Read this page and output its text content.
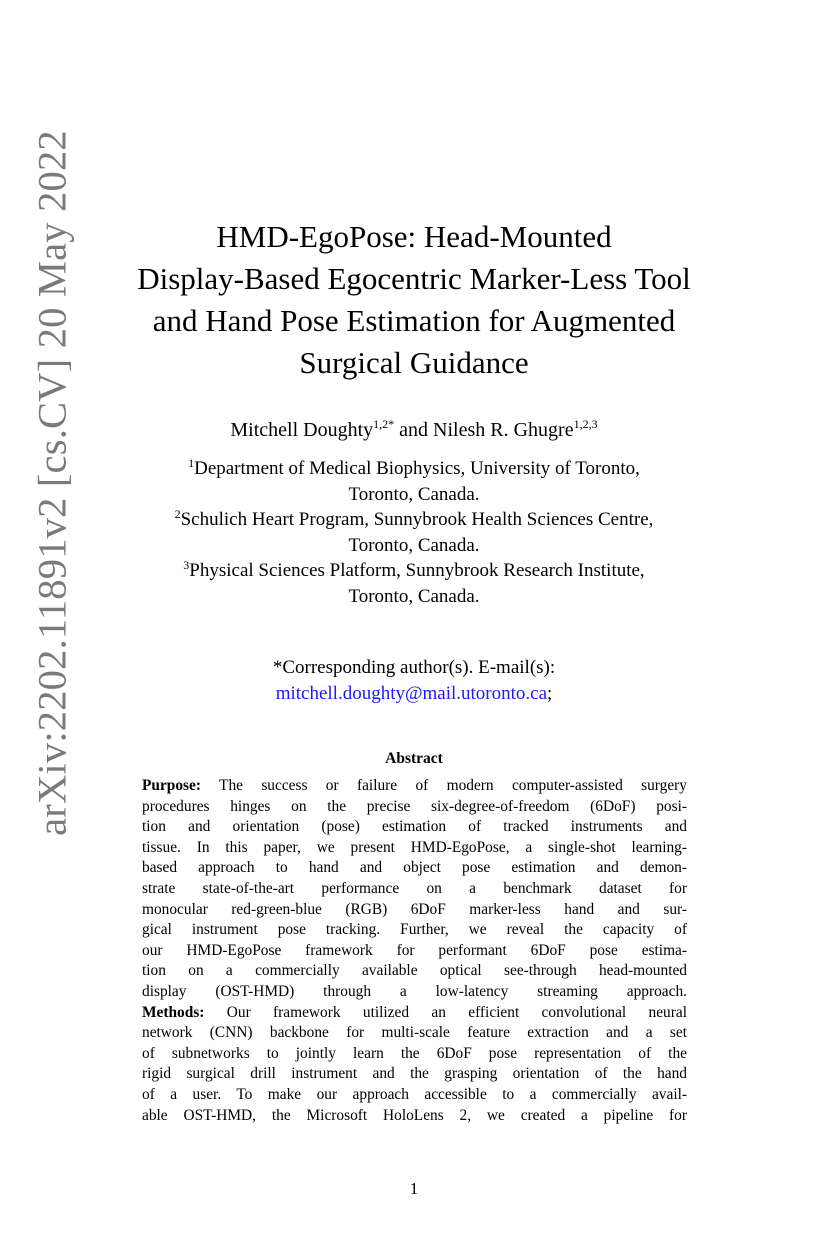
arXiv:2202.11891v2 [cs.CV] 20 May 2022	HMD-EgoPose: Head-Mounted
Display-Based Egocentric Marker-Less Tool
and Hand Pose Estimation for Augmented
Surgical Guidance
Mitchell Doughty$^{1,2*}$ and Nilesh R. Ghugre$^{1,2,3}$
$^1$Department of Medical Biophysics, University of Toronto,
Toronto, Canada.
$^2$Schulich Heart Program, Sunnybrook Health Sciences Centre,
Toronto, Canada.
$^3$Physical Sciences Platform, Sunnybrook Research Institute,
Toronto, Canada.
*Corresponding author(s). E-mail(s):
mitchell.doughty@mail.utoronto.ca;
Abstract
Purpose: The success or failure of modern computer-assisted surgery
procedures hinges on the precise six-degree-of-freedom (6DoF) posi-
tion and orientation (pose) estimation of tracked instruments and
tissue. In this paper, we present HMD-EgoPose, a single-shot learning-
based approach to hand and object pose estimation and demon-
strate state-of-the-art performance on a benchmark dataset for
monocular red-green-blue (RGB) 6DoF marker-less hand and sur-
gical instrument pose tracking. Further, we reveal the capacity of
our HMD-EgoPose framework for performant 6DoF pose estima-
tion on a commercially available optical see-through head-mounted
display (OST-HMD) through a low-latency streaming approach.
Methods: Our framework utilized an efficient convolutional neural
network (CNN) backbone for multi-scale feature extraction and a set
of subnetworks to jointly learn the 6DoF pose representation of the
rigid surgical drill instrument and the grasping orientation of the hand
of a user. To make our approach accessible to a commercially avail-
able OST-HMD, the Microsoft HoloLens 2, we created a pipeline for
1
